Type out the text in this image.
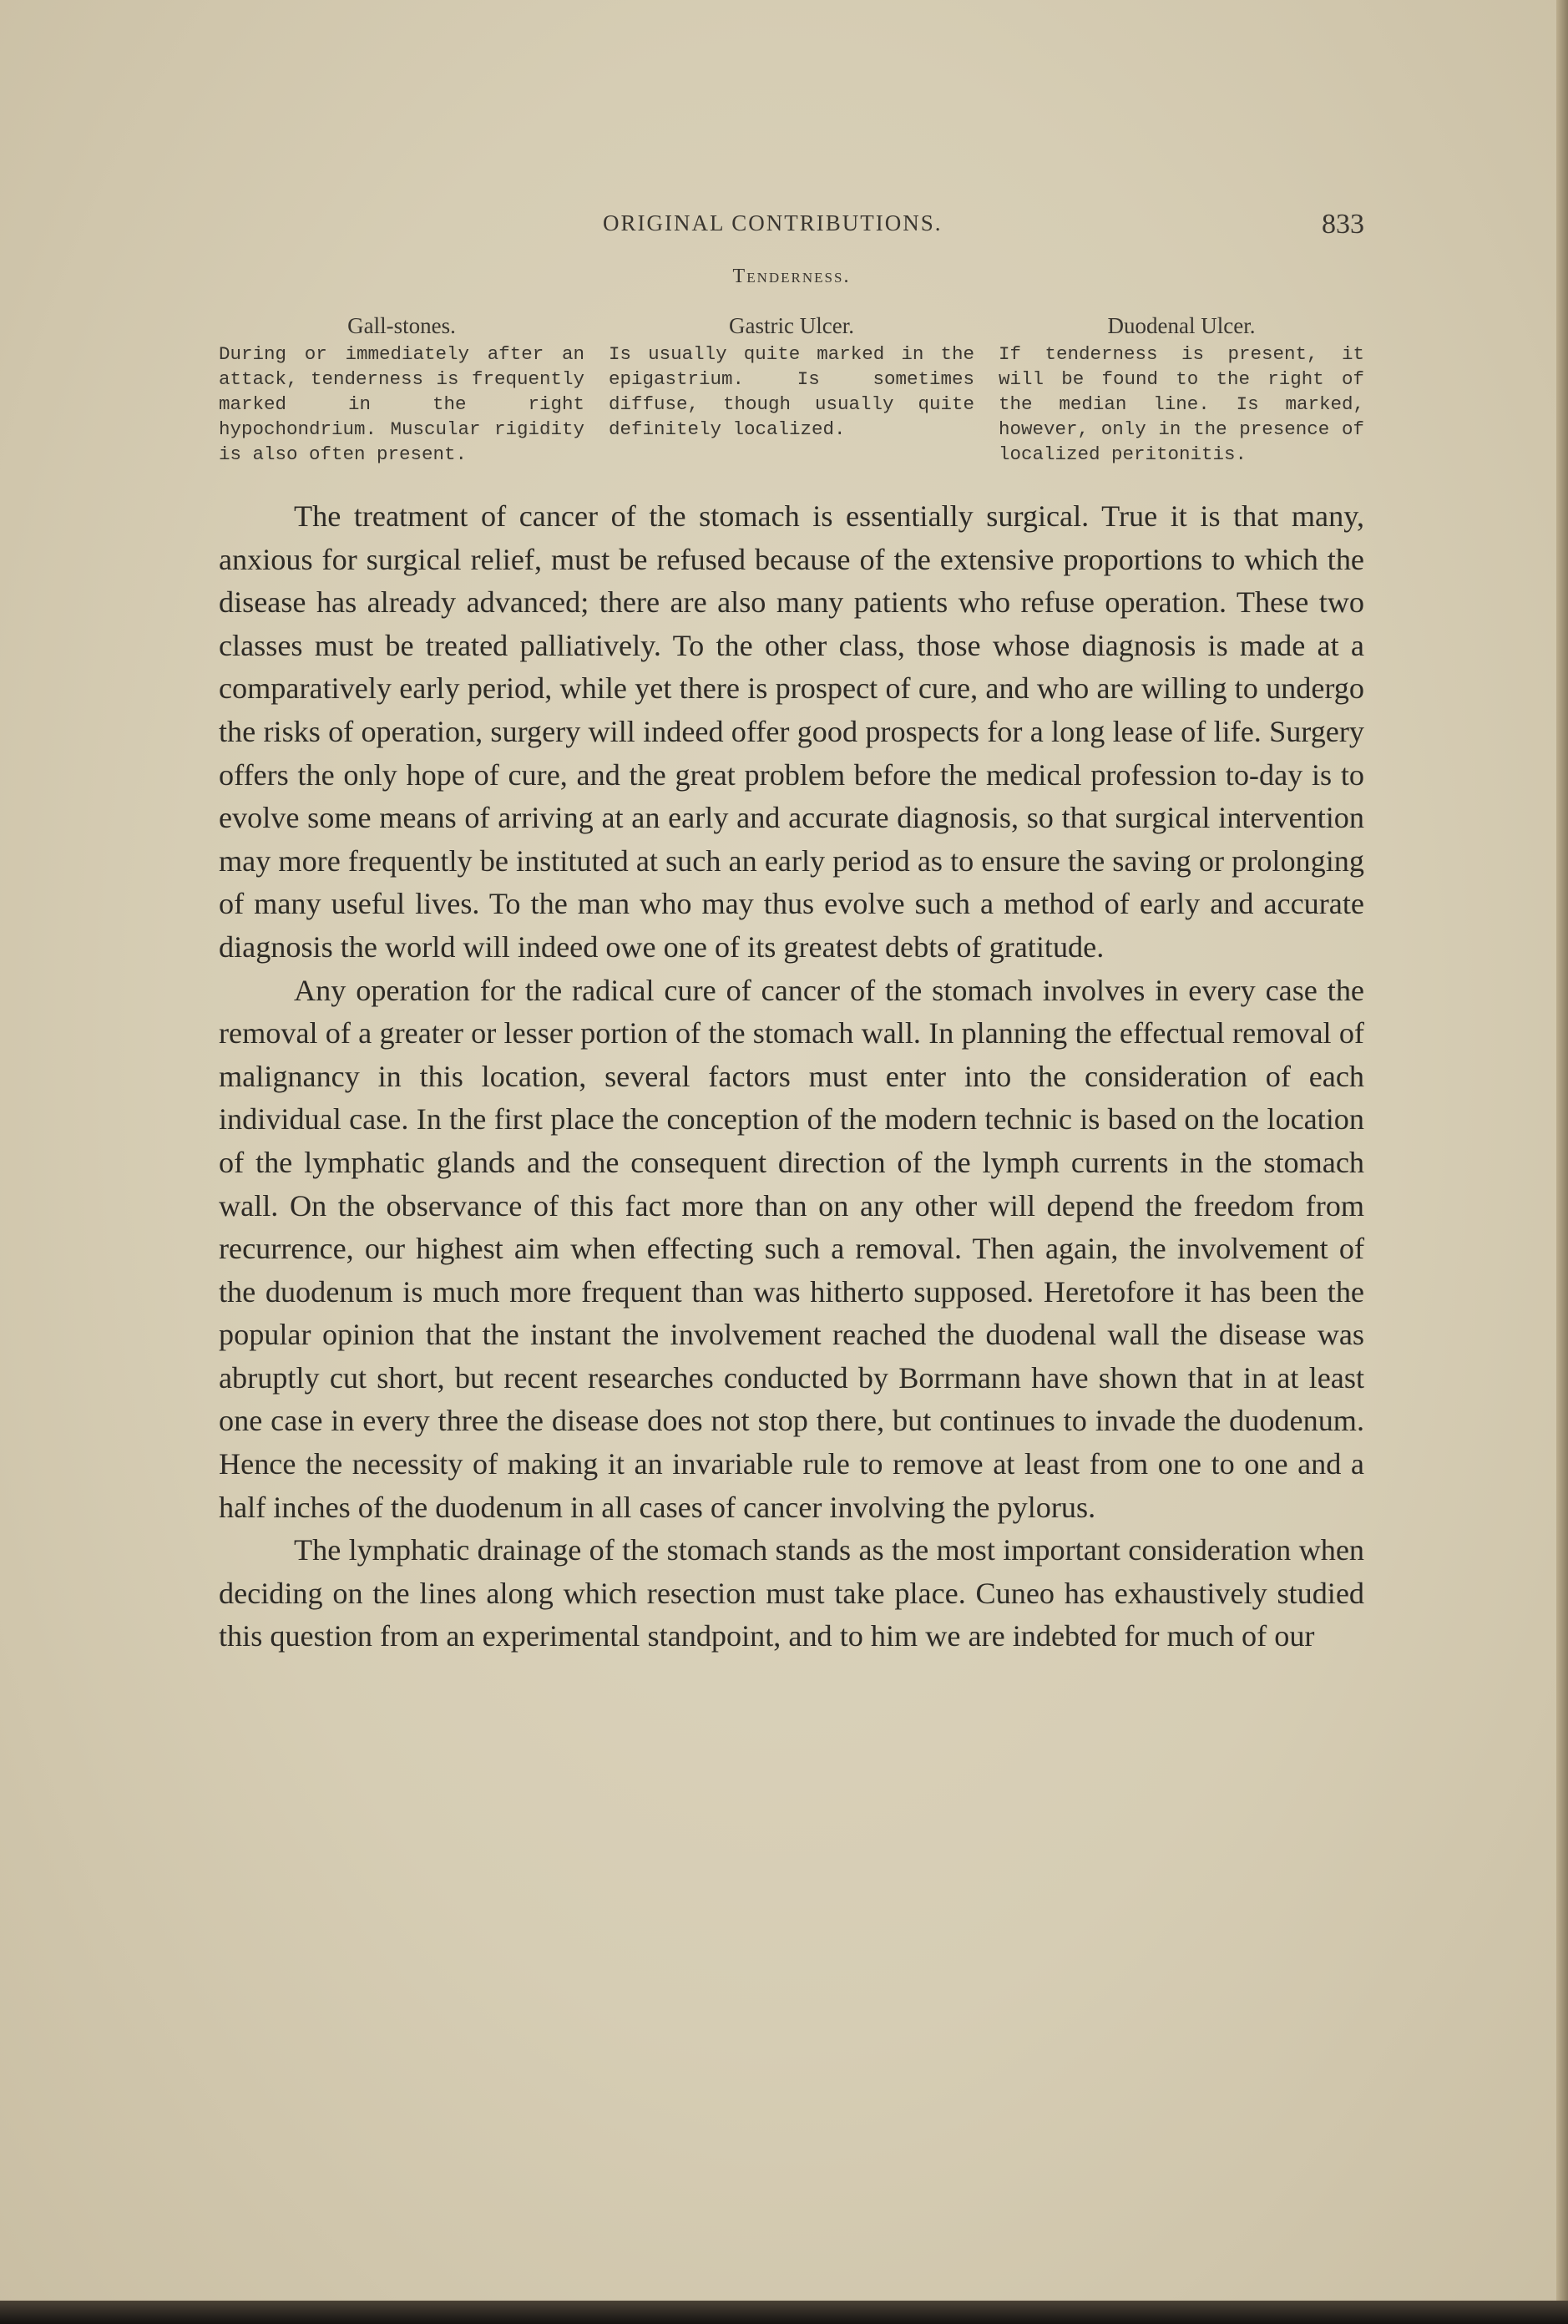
ORIGINAL CONTRIBUTIONS.	833
Tenderness.
Gall-stones.
During or immediately after an attack, tenderness is frequently marked in the right hypochondrium. Muscular rigidity is also often present.
Gastric Ulcer.
Is usually quite marked in the epigastrium. Is sometimes diffuse, though usually quite definitely localized.
Duodenal Ulcer.
If tenderness is present, it will be found to the right of the median line. Is marked, however, only in the presence of localized peritonitis.

The treatment of cancer of the stomach is essentially surgical. True it is that many, anxious for surgical relief, must be refused because of the extensive proportions to which the disease has already advanced; there are also many patients who refuse operation. These two classes must be treated palliatively. To the other class, those whose diagnosis is made at a comparatively early period, while yet there is prospect of cure, and who are willing to undergo the risks of operation, surgery will indeed offer good prospects for a long lease of life. Surgery offers the only hope of cure, and the great problem before the medical profession to-day is to evolve some means of arriving at an early and accurate diagnosis, so that surgical intervention may more frequently be instituted at such an early period as to ensure the saving or prolonging of many useful lives. To the man who may thus evolve such a method of early and accurate diagnosis the world will indeed owe one of its greatest debts of gratitude.

Any operation for the radical cure of cancer of the stomach involves in every case the removal of a greater or lesser portion of the stomach wall. In planning the effectual removal of malignancy in this location, several factors must enter into the consideration of each individual case. In the first place the conception of the modern technic is based on the location of the lymphatic glands and the consequent direction of the lymph currents in the stomach wall. On the observance of this fact more than on any other will depend the freedom from recurrence, our highest aim when effecting such a removal. Then again, the involvement of the duodenum is much more frequent than was hitherto supposed. Heretofore it has been the popular opinion that the instant the involvement reached the duodenal wall the disease was abruptly cut short, but recent researches conducted by Borrmann have shown that in at least one case in every three the disease does not stop there, but continues to invade the duodenum. Hence the necessity of making it an invariable rule to remove at least from one to one and a half inches of the duodenum in all cases of cancer involving the pylorus.

The lymphatic drainage of the stomach stands as the most important consideration when deciding on the lines along which resection must take place. Cuneo has exhaustively studied this question from an experimental standpoint, and to him we are indebted for much of our
